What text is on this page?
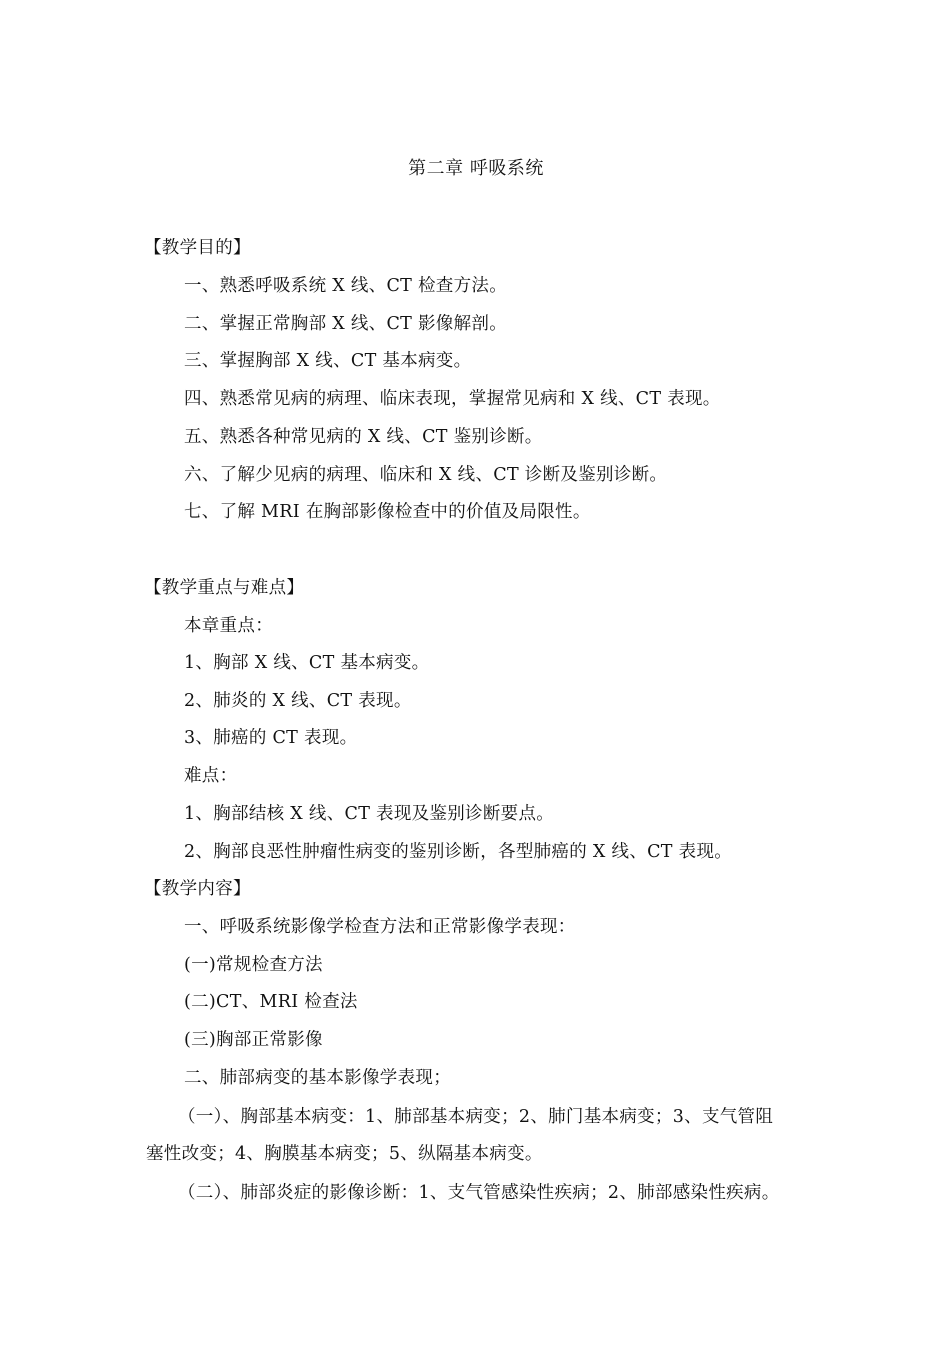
第二章 呼吸系统
【教学目的】
一、熟悉呼吸系统 X 线、CT 检查方法。
二、掌握正常胸部 X 线、CT 影像解剖。
三、掌握胸部 X 线、CT 基本病变。
四、熟悉常见病的病理、临床表现，掌握常见病和 X 线、CT 表现。
五、熟悉各种常见病的 X 线、CT 鉴别诊断。
六、了解少见病的病理、临床和 X 线、CT 诊断及鉴别诊断。
七、了解 MRI 在胸部影像检查中的价值及局限性。
【教学重点与难点】
本章重点：
1、胸部 X 线、CT 基本病变。
2、肺炎的 X 线、CT 表现。
3、肺癌的 CT 表现。
难点：
1、胸部结核 X 线、CT 表现及鉴别诊断要点。
2、胸部良恶性肿瘤性病变的鉴别诊断，各型肺癌的 X 线、CT 表现。
【教学内容】
一、呼吸系统影像学检查方法和正常影像学表现：
(一)常规检查方法
(二)CT、MRI 检查法
(三)胸部正常影像
二、肺部病变的基本影像学表现；
（一）、胸部基本病变：1、肺部基本病变；2、肺门基本病变；3、支气管阻
塞性改变；4、胸膜基本病变；5、纵隔基本病变。
（二）、肺部炎症的影像诊断：1、支气管感染性疾病；2、肺部感染性疾病。
